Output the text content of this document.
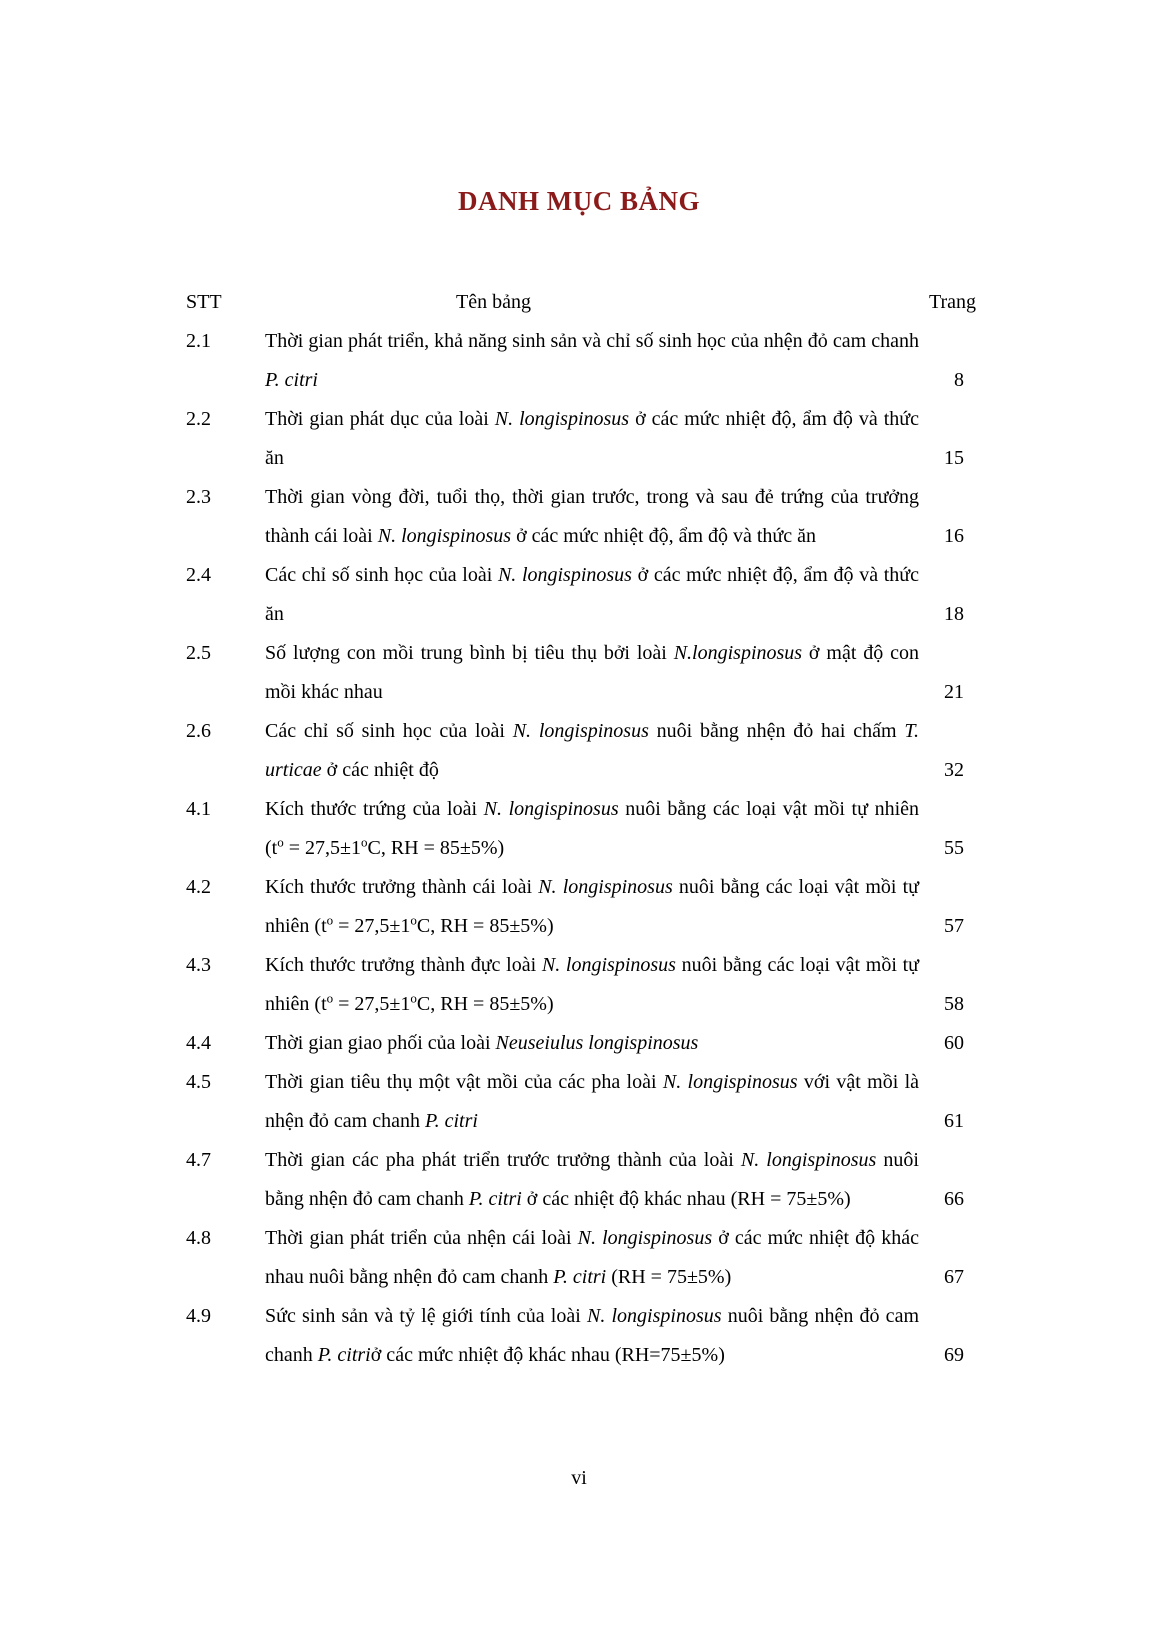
DANH MỤC BẢNG
STT	Tên bảng	Trang
2.1	Thời gian phát triển, khả năng sinh sản và chỉ số sinh học của nhện đỏ cam chanh P. citri	8
2.2	Thời gian phát dục của loài N. longispinosus ở các mức nhiệt độ, ẩm độ và thức ăn	15
2.3	Thời gian vòng đời, tuổi thọ, thời gian trước, trong và sau đẻ trứng của trưởng thành cái loài N. longispinosus ở các mức nhiệt độ, ẩm độ và thức ăn	16
2.4	Các chỉ số sinh học của loài N. longispinosus ở các mức nhiệt độ, ẩm độ và thức ăn	18
2.5	Số lượng con mồi trung bình bị tiêu thụ bởi loài N.longispinosus ở mật độ con mồi khác nhau	21
2.6	Các chỉ số sinh học của loài N. longispinosus nuôi bằng nhện đỏ hai chấm T. urticae ở các nhiệt độ	32
4.1	Kích thước trứng của loài N. longispinosus nuôi bằng các loại vật mồi tự nhiên ($t^o = 27,5\pm 1^oC$, RH = 85±5%)	55
4.2	Kích thước trưởng thành cái loài N. longispinosus nuôi bằng các loại vật mồi tự nhiên ($t^o = 27,5\pm 1^oC$, RH = 85±5%)	57
4.3	Kích thước trưởng thành đực loài N. longispinosus nuôi bằng các loại vật mồi tự nhiên ($t^o = 27,5\pm 1^oC$, RH = 85±5%)	58
4.4	Thời gian giao phối của loài Neuseiulus longispinosus	60
4.5	Thời gian tiêu thụ một vật mồi của các pha loài N. longispinosus với vật mồi là nhện đỏ cam chanh P. citri	61
4.7	Thời gian các pha phát triển trước trưởng thành của loài N. longispinosus nuôi bằng nhện đỏ cam chanh P. citri ở các nhiệt độ khác nhau (RH = 75±5%)	66
4.8	Thời gian phát triển của nhện cái loài N. longispinosus ở các mức nhiệt độ khác nhau nuôi bằng nhện đỏ cam chanh P. citri (RH = 75±5%)	67
4.9	Sức sinh sản và tỷ lệ giới tính của loài N. longispinosus nuôi bằng nhện đỏ cam chanh P. citriở các mức nhiệt độ khác nhau (RH=75±5%)	69
vi
